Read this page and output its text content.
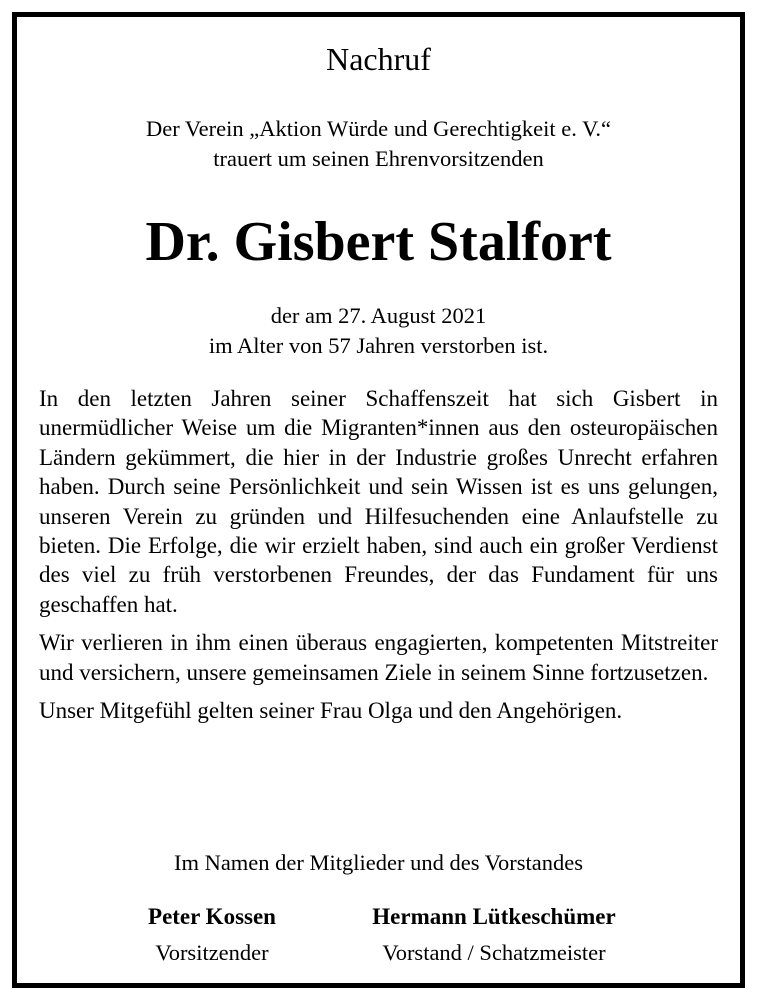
Nachruf
Der Verein „Aktion Würde und Gerechtigkeit e. V.“
trauert um seinen Ehrenvorsitzenden
Dr. Gisbert Stalfort
der am 27. August 2021
im Alter von 57 Jahren verstorben ist.

In den letzten Jahren seiner Schaffenszeit hat sich Gisbert in unermüdlicher Weise um die Migranten*innen aus den osteuropäischen Ländern gekümmert, die hier in der Industrie großes Unrecht erfahren haben. Durch seine Persönlichkeit und sein Wissen ist es uns gelungen, unseren Verein zu gründen und Hilfesuchenden eine Anlaufstelle zu bieten. Die Erfolge, die wir erzielt haben, sind auch ein großer Verdienst des viel zu früh verstorbenen Freundes, der das Fundament für uns geschaffen hat.

Wir verlieren in ihm einen überaus engagierten, kompetenten Mitstreiter und versichern, unsere gemeinsamen Ziele in seinem Sinne fortzusetzen.

Unser Mitgefühl gelten seiner Frau Olga und den Angehörigen.

Im Namen der Mitglieder und des Vorstandes
Peter Kossen
Vorsitzender
Hermann Lütkeschümer
Vorstand / Schatzmeister
